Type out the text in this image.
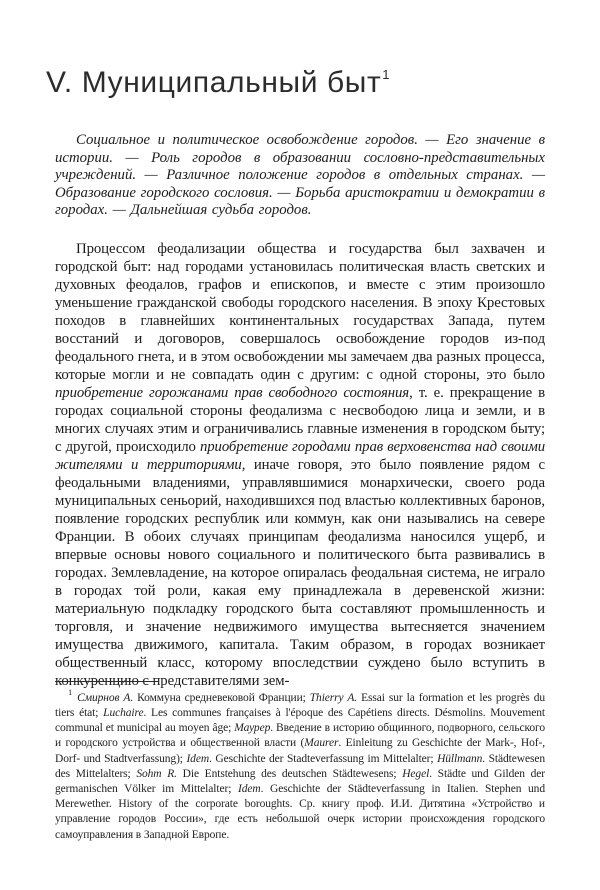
V. Муниципальный быт$^1$

Социальное и политическое освобождение городов. — Его значение в истории. — Роль городов в образовании сословно-представительных учреждений. — Различное положение городов в отдельных странах. — Образование городского сословия. — Борьба аристократии и демократии в городах. — Дальнейшая судьба городов.

Процессом феодализации общества и государства был захвачен и городской быт: над городами установилась политическая власть светских и духовных феодалов, графов и епископов, и вместе с этим произошло уменьшение гражданской свободы городского населения. В эпоху Крестовых походов в главнейших континентальных государствах Запада, путем восстаний и договоров, совершалось освобождение городов из-под феодального гнета, и в этом освобождении мы замечаем два разных процесса, которые могли и не совпадать один с другим: с одной стороны, это было приобретение горожанами прав свободного состояния, т. е. прекращение в городах социальной стороны феодализма с несвободою лица и земли, и в многих случаях этим и ограничивались главные изменения в городском быту; с другой, происходило приобретение городами прав верховенства над своими жителями и территориями, иначе говоря, это было появление рядом с феодальными владениями, управлявшимися монархически, своего рода муниципальных сеньорий, находившихся под властью коллективных баронов, появление городских республик или коммун, как они назывались на севере Франции. В обоих случаях принципам феодализма наносился ущерб, и впервые основы нового социального и политического быта развивались в городах. Землевладение, на которое опиралась феодальная система, не играло в городах той роли, какая ему принадлежала в деревенской жизни: материальную подкладку городского быта составляют промышленность и торговля, и значение недвижимого имущества вытесняется значением имущества движимого, капитала. Таким образом, в городах возникает общественный класс, которому впоследствии суждено было вступить в конкуренцию с представителями зем-

$^1$ Смирнов А. Коммуна средневековой Франции; Thierry A. Essai sur la formation et les progrès du tiers état; Luchaire. Les communes françaises à l'époque des Capétiens directs. Désmolins. Mouvement communal et municipal au moyen âge; Маурер. Введение в историю общинного, подворного, сельского и городского устройства и общественной власти (Maurer. Einleitung zu Geschichte der Mark-, Hof-, Dorf- und Stadtverfassung); Idem. Geschichte der Stadteverfassung im Mittelalter; Hüllmann. Städtewesen des Mittelalters; Sohm R. Die Entstehung des deutschen Städtewesens; Hegel. Städte und Gilden der germanischen Völker im Mittelalter; Idem. Geschichte der Städteverfassung in Italien. Stephen und Merewether. History of the corporate boroughts. Ср. книгу проф. И.И. Дитятина «Устройство и управление городов России», где есть небольшой очерк истории происхождения городского самоуправления в Западной Европе.
